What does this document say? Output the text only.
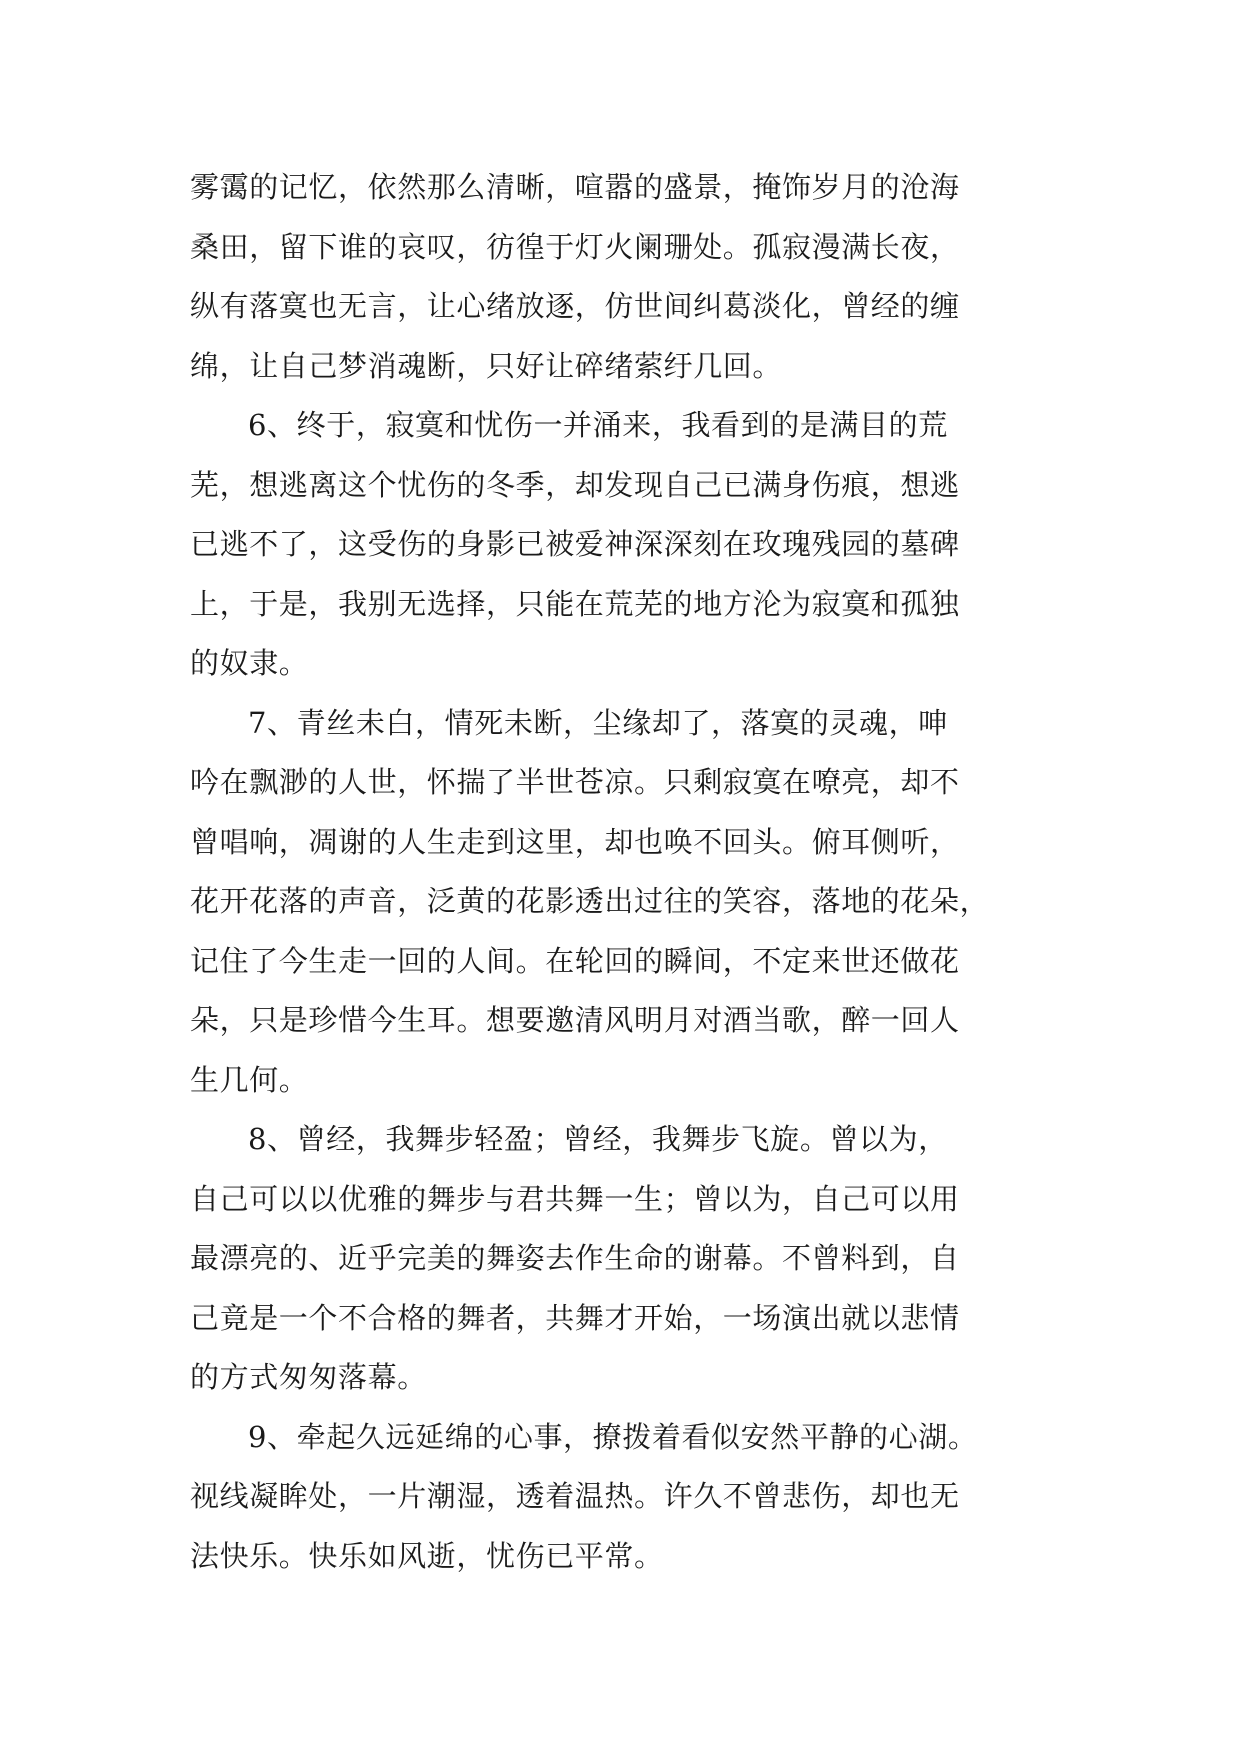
雾霭的记忆，依然那么清晰，喧嚣的盛景，掩饰岁月的沧海
桑田，留下谁的哀叹，彷徨于灯火阑珊处。孤寂漫满长夜，
纵有落寞也无言，让心绪放逐，仿世间纠葛淡化，曾经的缠
绵，让自己梦消魂断，只好让碎绪萦纡几回。
6、终于，寂寞和忧伤一并涌来，我看到的是满目的荒
芜，想逃离这个忧伤的冬季，却发现自己已满身伤痕，想逃
已逃不了，这受伤的身影已被爱神深深刻在玫瑰残园的墓碑
上，于是，我别无选择，只能在荒芜的地方沦为寂寞和孤独
的奴隶。
7、青丝未白，情死未断，尘缘却了，落寞的灵魂，呻
吟在飘渺的人世，怀揣了半世苍凉。只剩寂寞在嘹亮，却不
曾唱响，凋谢的人生走到这里，却也唤不回头。俯耳侧听，
花开花落的声音，泛黄的花影透出过往的笑容，落地的花朵，
记住了今生走一回的人间。在轮回的瞬间，不定来世还做花
朵，只是珍惜今生耳。想要邀清风明月对酒当歌，醉一回人
生几何。
8、曾经，我舞步轻盈；曾经，我舞步飞旋。曾以为，
自己可以以优雅的舞步与君共舞一生；曾以为，自己可以用
最漂亮的、近乎完美的舞姿去作生命的谢幕。不曾料到，自
己竟是一个不合格的舞者，共舞才开始，一场演出就以悲情
的方式匆匆落幕。
9、牵起久远延绵的心事，撩拨着看似安然平静的心湖。
视线凝眸处，一片潮湿，透着温热。许久不曾悲伤，却也无
法快乐。快乐如风逝，忧伤已平常。
